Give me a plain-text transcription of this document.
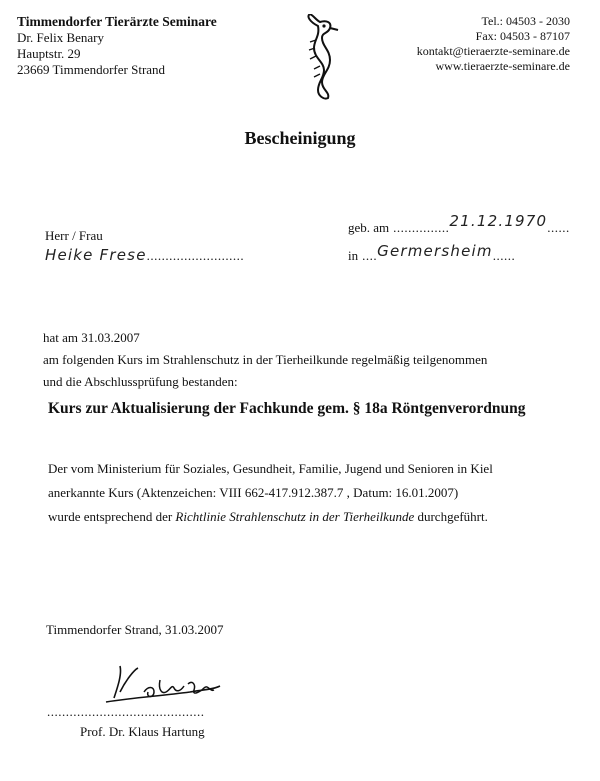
Timmendorfer Tierärzte Seminare
Dr. Felix Benary
Hauptstr. 29
23669 Timmendorfer Strand
Tel.: 04503 - 2030
Fax: 04503 - 87107
kontakt@tieraerzte-seminare.de
www.tieraerzte-seminare.de
Bescheinigung
Herr / Frau
Heike Frese..........................
geb. am ...............21.12.1970......
in ....Germersheim......
hat am 31.03.2007
am folgenden Kurs im Strahlenschutz in der Tierheilkunde regelmäßig teilgenommen
und die Abschlussprüfung bestanden:
Kurs zur Aktualisierung der Fachkunde gem. § 18a Röntgenverordnung
Der vom Ministerium für Soziales, Gesundheit, Familie, Jugend und Senioren in Kiel
anerkannte Kurs (Aktenzeichen: VIII 662-417.912.387.7 , Datum: 16.01.2007)
wurde entsprechend der Richtlinie Strahlenschutz in der Tierheilkunde durchgeführt.
Timmendorfer Strand, 31.03.2007
..........................................
Prof. Dr. Klaus Hartung
